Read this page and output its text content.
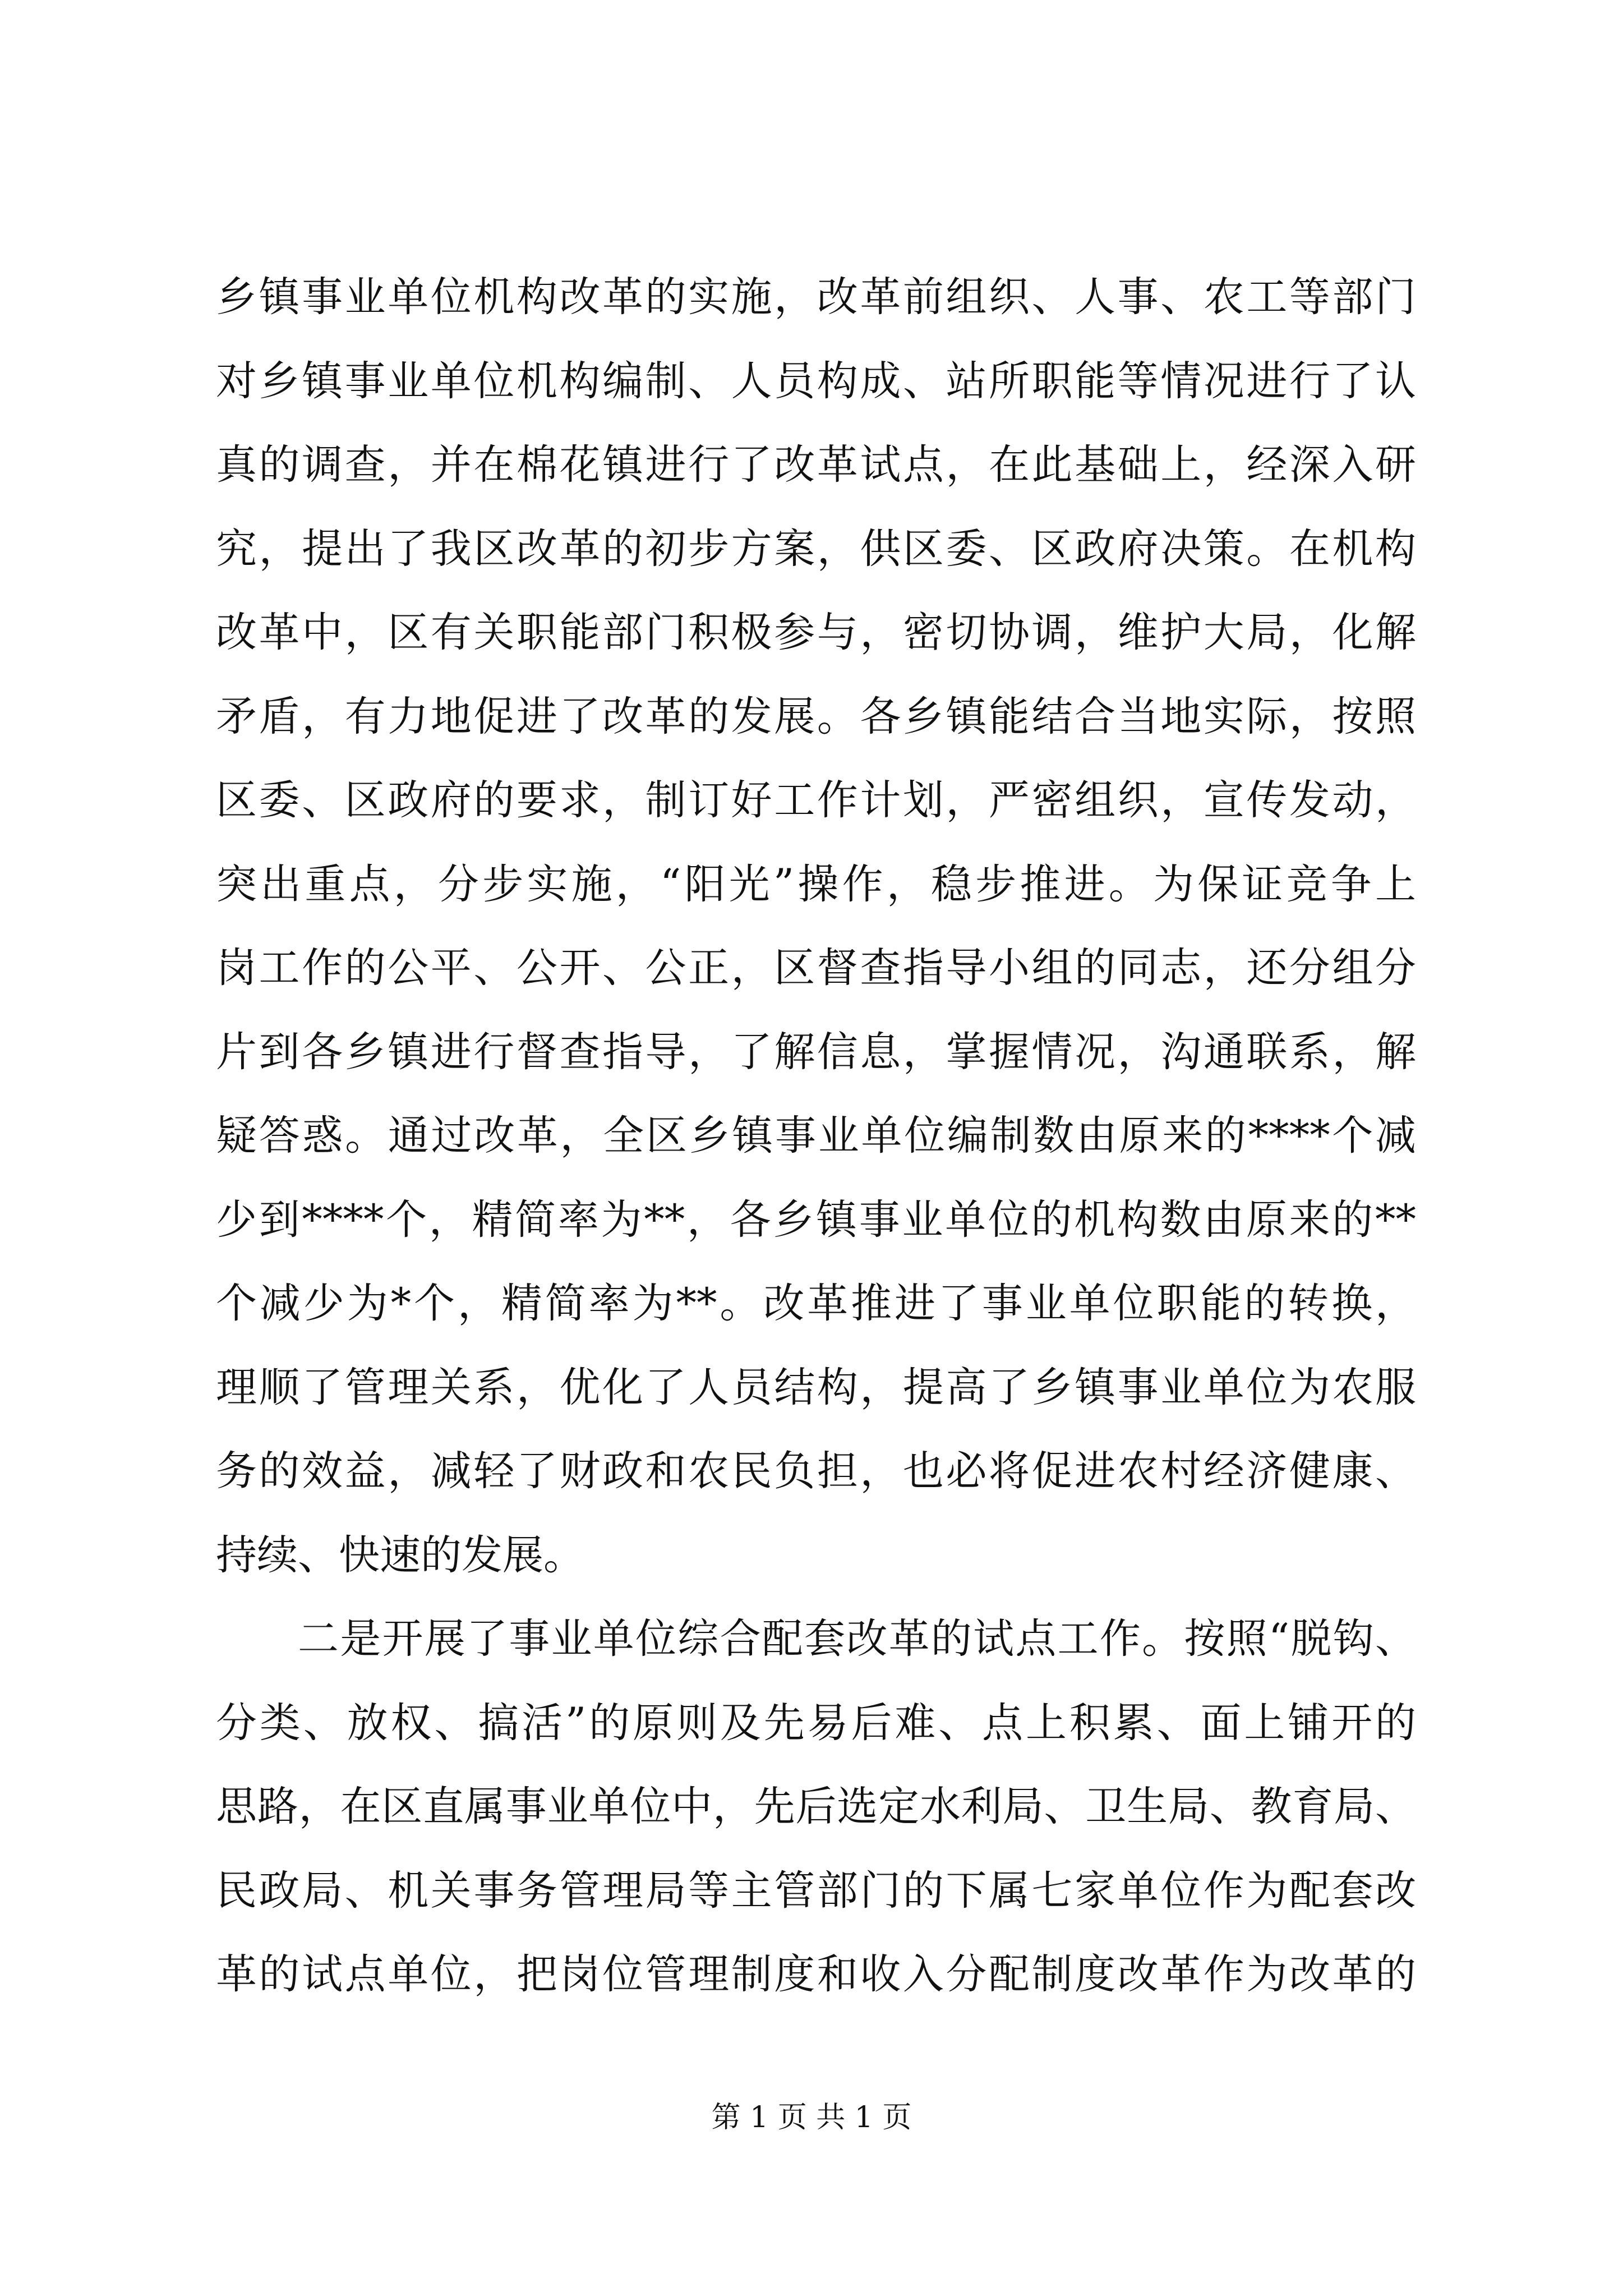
乡镇事业单位机构改革的实施，改革前组织、人事、农工等部门
对乡镇事业单位机构编制、人员构成、站所职能等情况进行了认
真的调查，并在棉花镇进行了改革试点，在此基础上，经深入研
究，提出了我区改革的初步方案，供区委、区政府决策。在机构
改革中，区有关职能部门积极参与，密切协调，维护大局，化解
矛盾，有力地促进了改革的发展。各乡镇能结合当地实际，按照
区委、区政府的要求，制订好工作计划，严密组织，宣传发动，
突出重点，分步实施，“阳光”操作，稳步推进。为保证竞争上
岗工作的公平、公开、公正，区督查指导小组的同志，还分组分
片到各乡镇进行督查指导，了解信息，掌握情况，沟通联系，解
疑答惑。通过改革，全区乡镇事业单位编制数由原来的****个减
少到****个，精简率为**，各乡镇事业单位的机构数由原来的**
个减少为*个，精简率为**。改革推进了事业单位职能的转换，
理顺了管理关系，优化了人员结构，提高了乡镇事业单位为农服
务的效益，减轻了财政和农民负担，也必将促进农村经济健康、
持续、快速的发展。
二是开展了事业单位综合配套改革的试点工作。按照“脱钩、
分类、放权、搞活”的原则及先易后难、点上积累、面上铺开的
思路，在区直属事业单位中，先后选定水利局、卫生局、教育局、
民政局、机关事务管理局等主管部门的下属七家单位作为配套改
革的试点单位，把岗位管理制度和收入分配制度改革作为改革的
第 1 页 共 1 页
